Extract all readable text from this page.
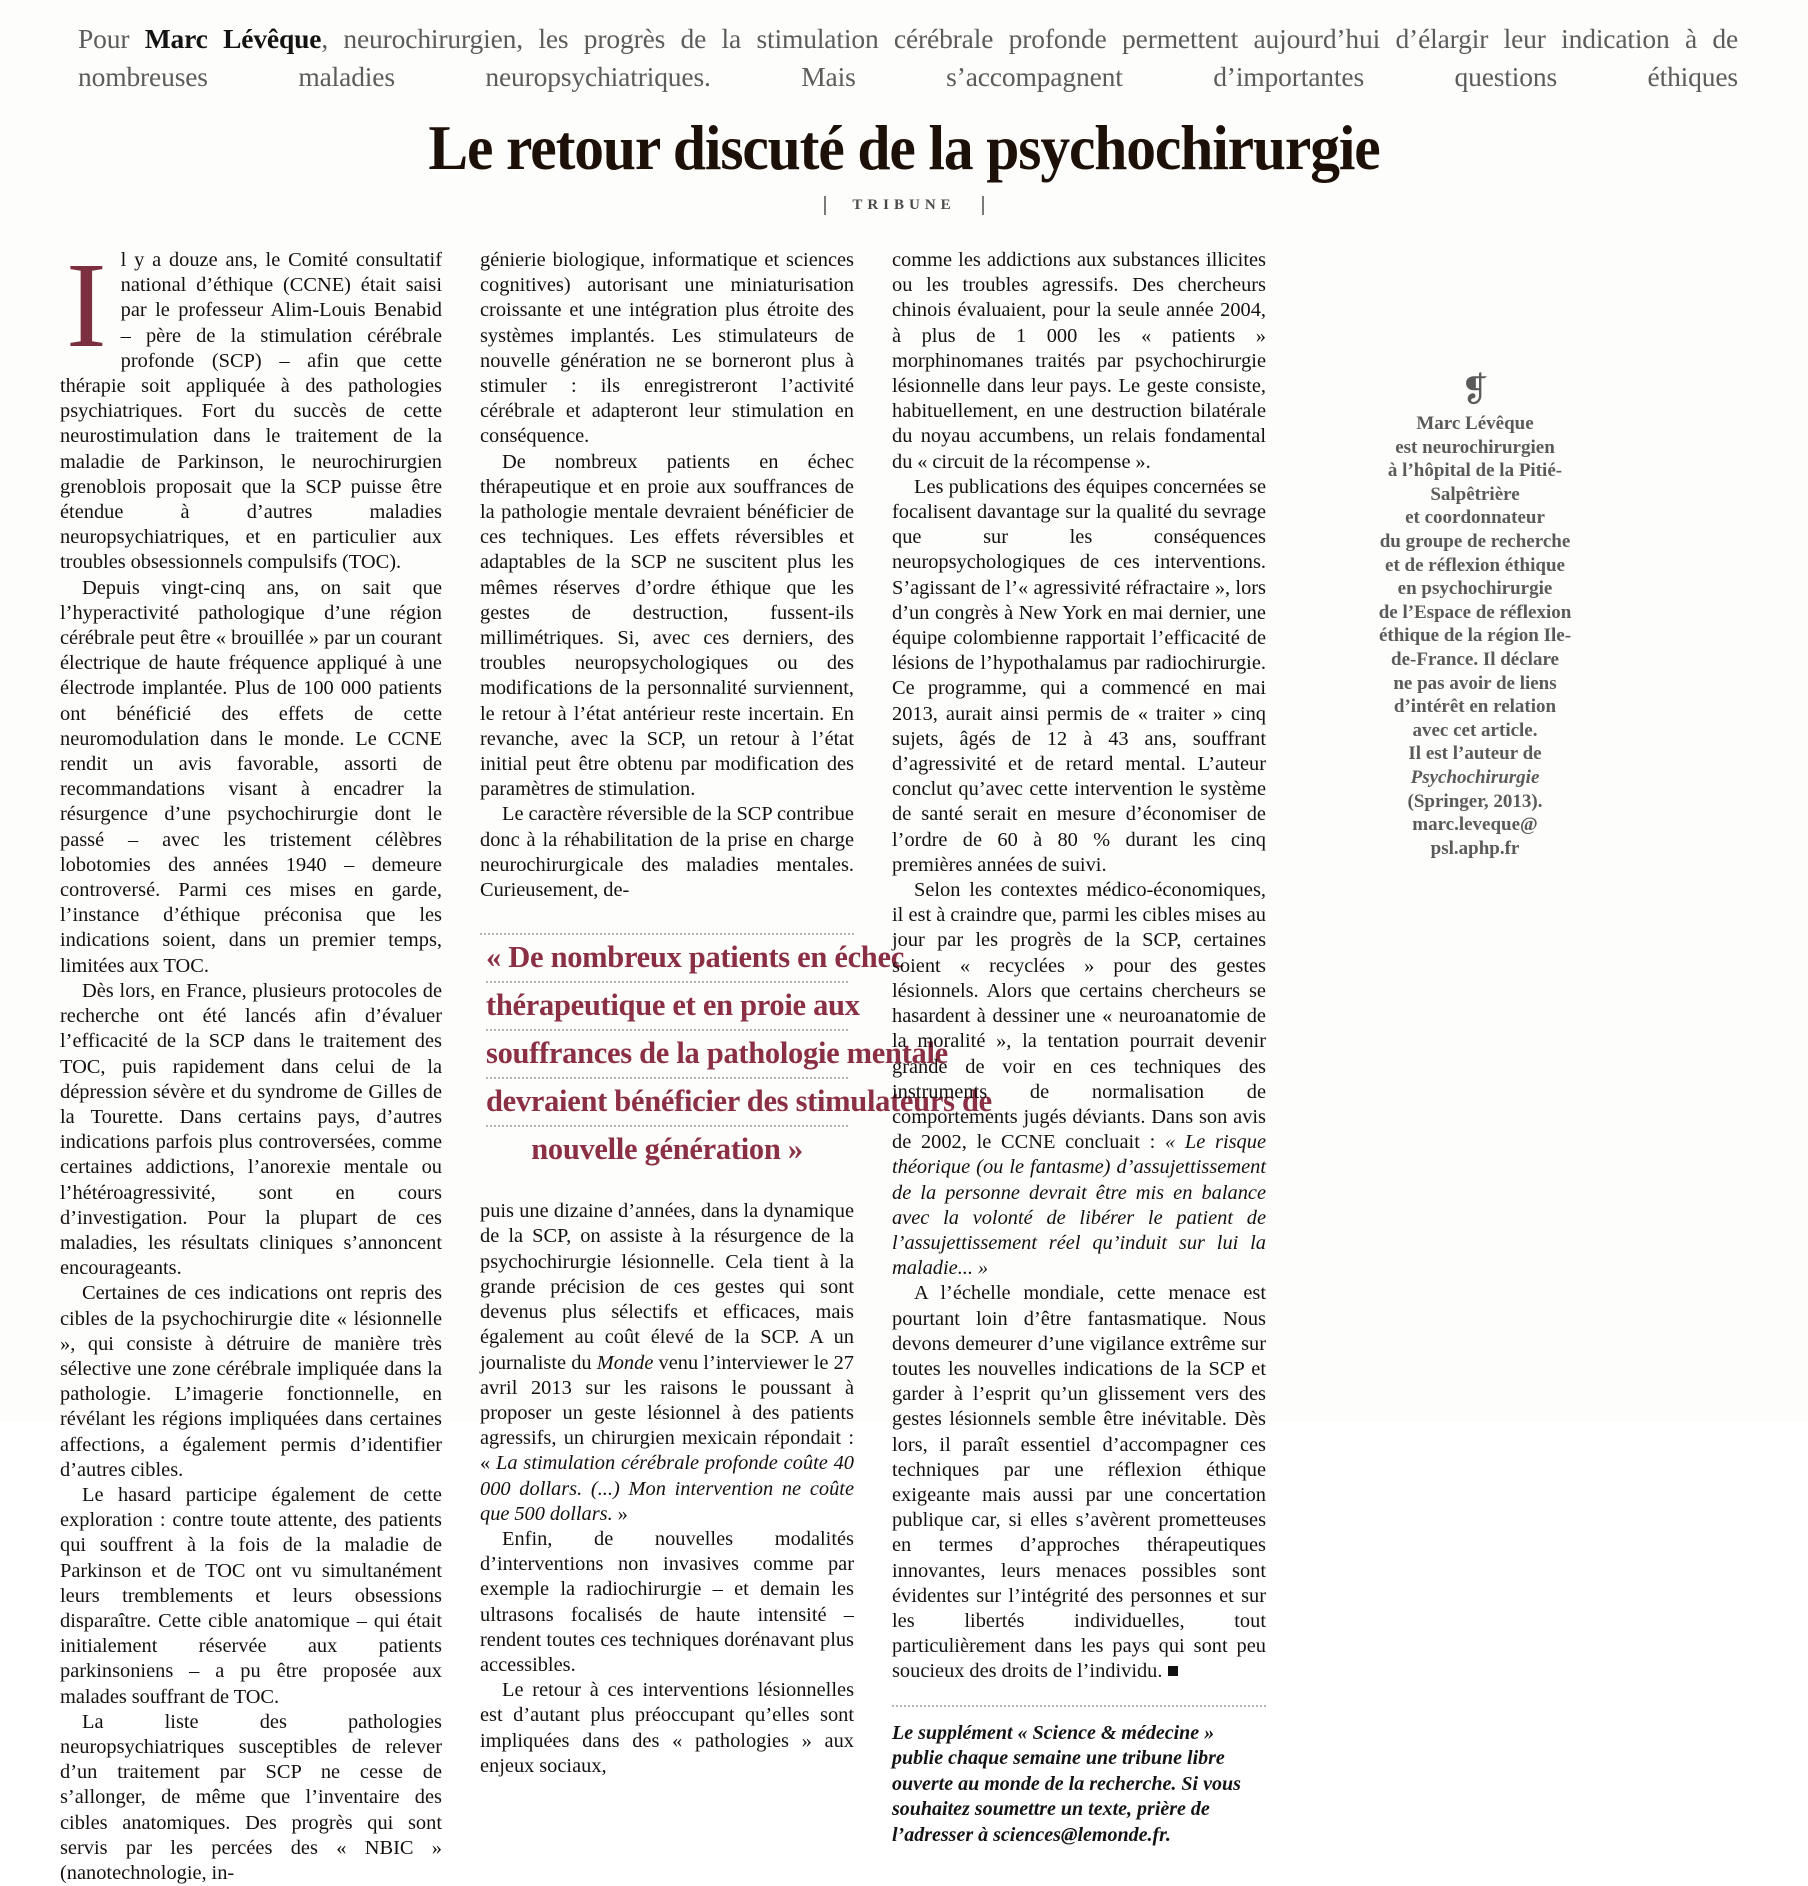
Pour Marc Lévêque, neurochirurgien, les progrès de la stimulation cérébrale profonde permettent aujourd’hui d’élargir leur indication à de nombreuses maladies neuropsychiatriques. Mais s’accompagnent d’importantes questions éthiques
Le retour discuté de la psychochirurgie
TRIBUNE

Il y a douze ans, le Comité consultatif national d’éthique (CCNE) était saisi par le professeur Alim-Louis Benabid – père de la stimulation cérébrale profonde (SCP) – afin que cette thérapie soit appliquée à des pathologies psychiatriques. Fort du succès de cette neurostimulation dans le traitement de la maladie de Parkinson, le neurochirurgien grenoblois proposait que la SCP puisse être étendue à d’autres maladies neuropsychiatriques, et en particulier aux troubles obsessionnels compulsifs (TOC).

Depuis vingt-cinq ans, on sait que l’hyperactivité pathologique d’une région cérébrale peut être « brouillée » par un courant électrique de haute fréquence appliqué à une électrode implantée. Plus de 100 000 patients ont bénéficié des effets de cette neuromodulation dans le monde. Le CCNE rendit un avis favorable, assorti de recommandations visant à encadrer la résurgence d’une psychochirurgie dont le passé – avec les tristement célèbres lobotomies des années 1940 – demeure controversé. Parmi ces mises en garde, l’instance d’éthique préconisa que les indications soient, dans un premier temps, limitées aux TOC.

Dès lors, en France, plusieurs protocoles de recherche ont été lancés afin d’évaluer l’efficacité de la SCP dans le traitement des TOC, puis rapidement dans celui de la dépression sévère et du syndrome de Gilles de la Tourette. Dans certains pays, d’autres indications parfois plus controversées, comme certaines addictions, l’anorexie mentale ou l’hétéroagressivité, sont en cours d’investigation. Pour la plupart de ces maladies, les résultats cliniques s’annoncent encourageants.

Certaines de ces indications ont repris des cibles de la psychochirurgie dite « lésionnelle », qui consiste à détruire de manière très sélective une zone cérébrale impliquée dans la pathologie. L’imagerie fonctionnelle, en révélant les régions impliquées dans certaines affections, a également permis d’identifier d’autres cibles.

Le hasard participe également de cette exploration : contre toute attente, des patients qui souffrent à la fois de la maladie de Parkinson et de TOC ont vu simultanément leurs tremblements et leurs obsessions disparaître. Cette cible anatomique – qui était initialement réservée aux patients parkinsoniens – a pu être proposée aux malades souffrant de TOC.

La liste des pathologies neuropsychiatriques susceptibles de relever d’un traitement par SCP ne cesse de s’allonger, de même que l’inventaire des cibles anatomiques. Des progrès qui sont servis par les percées des « NBIC » (nanotechnologie, in-

génierie biologique, informatique et sciences cognitives) autorisant une miniaturisation croissante et une intégration plus étroite des systèmes implantés. Les stimulateurs de nouvelle génération ne se borneront plus à stimuler : ils enregistreront l’activité cérébrale et adapteront leur stimulation en conséquence.

De nombreux patients en échec thérapeutique et en proie aux souffrances de la pathologie mentale devraient bénéficier de ces techniques. Les effets réversibles et adaptables de la SCP ne suscitent plus les mêmes réserves d’ordre éthique que les gestes de destruction, fussent-ils millimétriques. Si, avec ces derniers, des troubles neuropsychologiques ou des modifications de la personnalité surviennent, le retour à l’état antérieur reste incertain. En revanche, avec la SCP, un retour à l’état initial peut être obtenu par modification des paramètres de stimulation.

Le caractère réversible de la SCP contribue donc à la réhabilitation de la prise en charge neurochirurgicale des maladies mentales. Curieusement, de-

« De nombreux patients en échec
thérapeutique et en proie aux
souffrances de la pathologie mentale
devraient bénéficier des stimulateurs de
nouvelle génération »

puis une dizaine d’années, dans la dynamique de la SCP, on assiste à la résurgence de la psychochirurgie lésionnelle. Cela tient à la grande précision de ces gestes qui sont devenus plus sélectifs et efficaces, mais également au coût élevé de la SCP. A un journaliste du Monde venu l’interviewer le 27 avril 2013 sur les raisons le poussant à proposer un geste lésionnel à des patients agressifs, un chirurgien mexicain répondait : « La stimulation cérébrale profonde coûte 40 000 dollars. (...) Mon intervention ne coûte que 500 dollars. »

Enfin, de nouvelles modalités d’interventions non invasives comme par exemple la radiochirurgie – et demain les ultrasons focalisés de haute intensité – rendent toutes ces techniques dorénavant plus accessibles.

Le retour à ces interventions lésionnelles est d’autant plus préoccupant qu’elles sont impliquées dans des « pathologies » aux enjeux sociaux,

comme les addictions aux substances illicites ou les troubles agressifs. Des chercheurs chinois évaluaient, pour la seule année 2004, à plus de 1 000 les « patients » morphinomanes traités par psychochirurgie lésionnelle dans leur pays. Le geste consiste, habituellement, en une destruction bilatérale du noyau accumbens, un relais fondamental du « circuit de la récompense ».

Les publications des équipes concernées se focalisent davantage sur la qualité du sevrage que sur les conséquences neuropsychologiques de ces interventions. S’agissant de l’« agressivité réfractaire », lors d’un congrès à New York en mai dernier, une équipe colombienne rapportait l’efficacité de lésions de l’hypothalamus par radiochirurgie. Ce programme, qui a commencé en mai 2013, aurait ainsi permis de « traiter » cinq sujets, âgés de 12 à 43 ans, souffrant d’agressivité et de retard mental. L’auteur conclut qu’avec cette intervention le système de santé serait en mesure d’économiser de l’ordre de 60 à 80 % durant les cinq premières années de suivi.

Selon les contextes médico-économiques, il est à craindre que, parmi les cibles mises au jour par les progrès de la SCP, certaines soient « recyclées » pour des gestes lésionnels. Alors que certains chercheurs se hasardent à dessiner une « neuroanatomie de la moralité », la tentation pourrait devenir grande de voir en ces techniques des instruments de normalisation de comportements jugés déviants. Dans son avis de 2002, le CCNE concluait : « Le risque théorique (ou le fantasme) d’assujettissement de la personne devrait être mis en balance avec la volonté de libérer le patient de l’assujettissement réel qu’induit sur lui la maladie... »

A l’échelle mondiale, cette menace est pourtant loin d’être fantasmatique. Nous devons demeurer d’une vigilance extrême sur toutes les nouvelles indications de la SCP et garder à l’esprit qu’un glissement vers des gestes lésionnels semble être inévitable. Dès lors, il paraît essentiel d’accompagner ces techniques par une réflexion éthique exigeante mais aussi par une concertation publique car, si elles s’avèrent prometteuses en termes d’approches thérapeutiques innovantes, leurs menaces possibles sont évidentes sur l’intégrité des personnes et sur les libertés individuelles, tout particulièrement dans les pays qui sont peu soucieux des droits de l’individu.

Le supplément « Science & médecine » publie chaque semaine une tribune libre ouverte au monde de la recherche. Si vous souhaitez soumettre un texte, prière de l’adresser à sciences@lemonde.fr.

❡
Marc Lévêque
est neurochirurgien
à l’hôpital de la Pitié-
Salpêtrière
et coordonnateur
du groupe de recherche
et de réflexion éthique
en psychochirurgie
de l’Espace de réflexion
éthique de la région Ile-
de-France. Il déclare
ne pas avoir de liens
d’intérêt en relation
avec cet article.
Il est l’auteur de
Psychochirurgie
(Springer, 2013).
marc.leveque@
psl.aphp.fr
